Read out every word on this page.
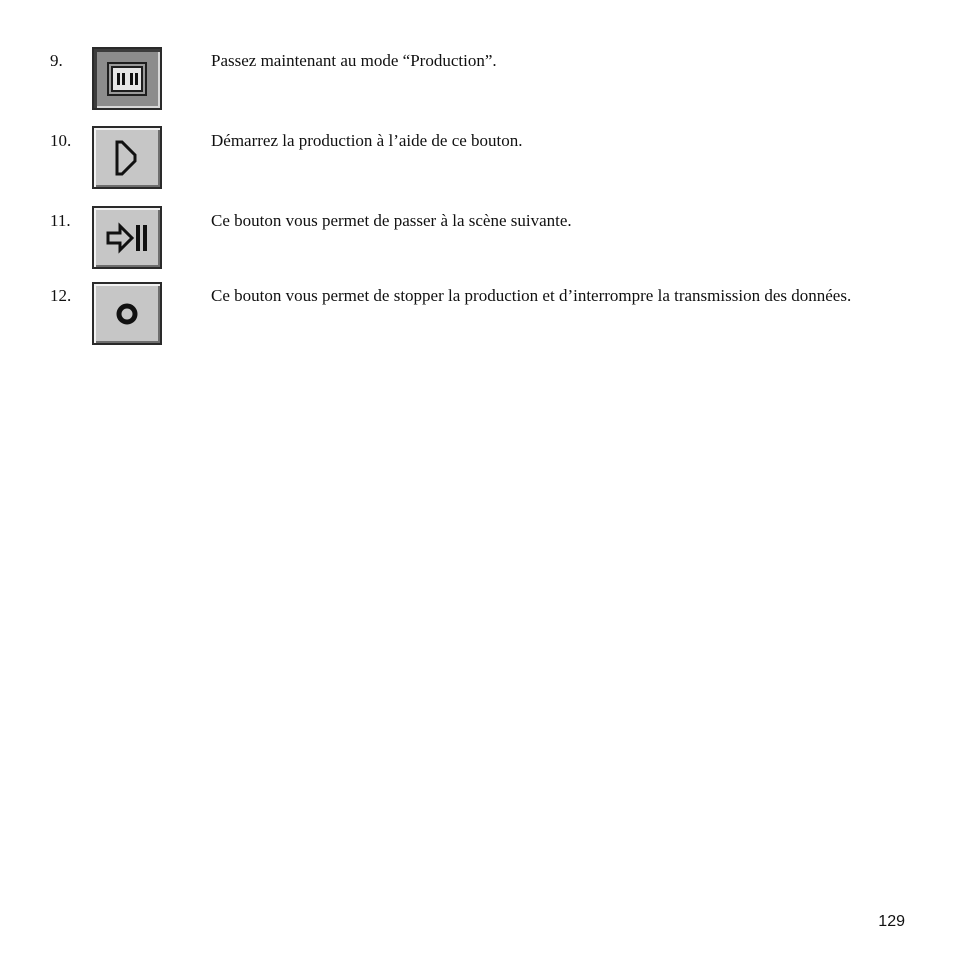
9.	Passez maintenant au mode “Production”.
10.	Démarrez la production à l’aide de ce bouton.
11.	Ce bouton vous permet de passer à la scène suivante.
12.	Ce bouton vous permet de stopper la production et d’interrompre la transmission des données.
129
